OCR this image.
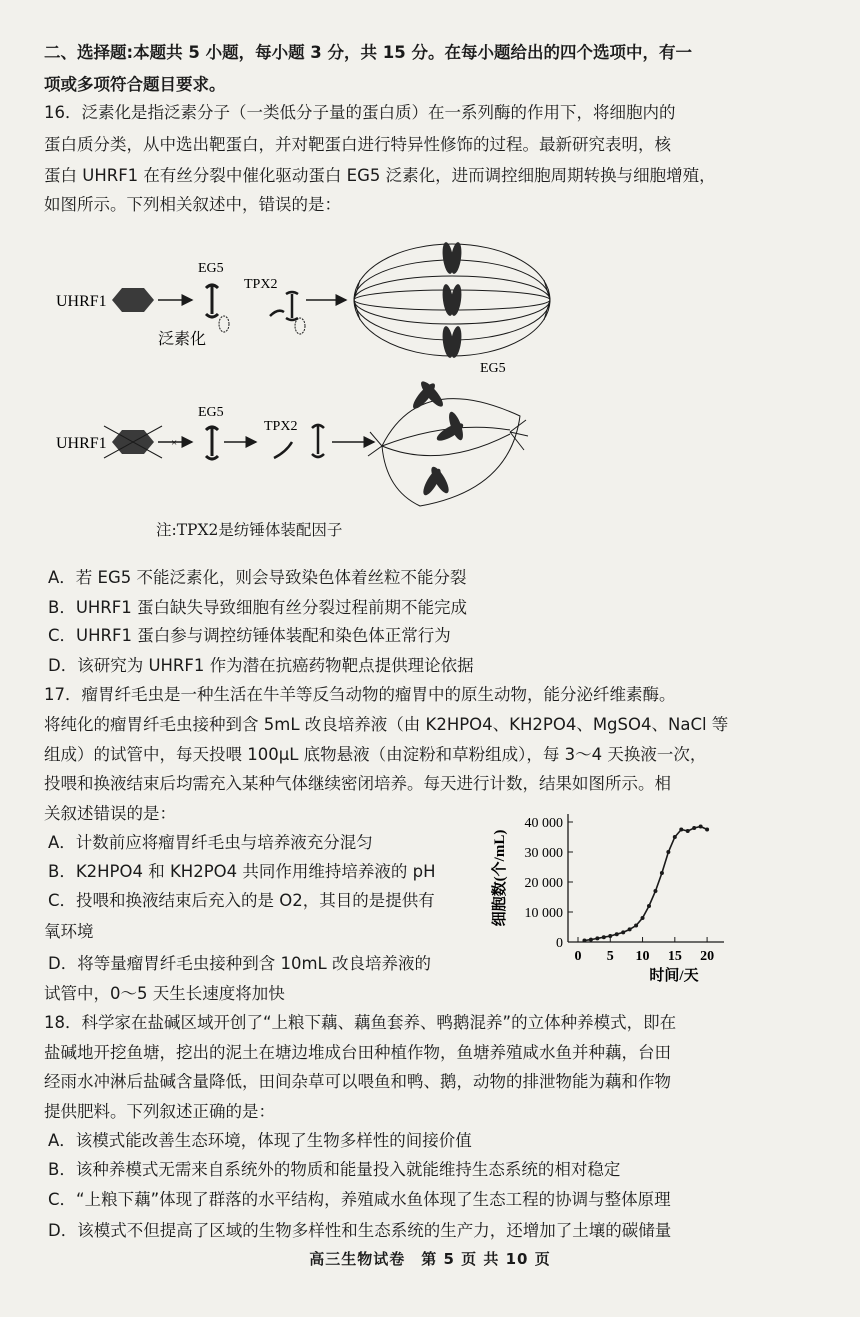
二、选择题:本题共 5 小题，每小题 3 分，共 15 分。在每小题给出的四个选项中，有一
项或多项符合题目要求。
16．泛素化是指泛素分子（一类低分子量的蛋白质）在一系列酶的作用下，将细胞内的
蛋白质分类，从中选出靶蛋白，并对靶蛋白进行特异性修饰的过程。最新研究表明，核
蛋白 UHRF1 在有丝分裂中催化驱动蛋白 EG5 泛素化，进而调控细胞周期转换与细胞增殖，
如图所示。下列相关叙述中，错误的是：
UHRF1
EG5
泛素化
TPX2
UHRF1	×
EG5
TPX2
EG5
注:TPX2是纺锤体装配因子
A．若 EG5 不能泛素化，则会导致染色体着丝粒不能分裂
B．UHRF1 蛋白缺失导致细胞有丝分裂过程前期不能完成
C．UHRF1 蛋白参与调控纺锤体装配和染色体正常行为
D．该研究为 UHRF1 作为潜在抗癌药物靶点提供理论依据
17．瘤胃纤毛虫是一种生活在牛羊等反刍动物的瘤胃中的原生动物，能分泌纤维素酶。
将纯化的瘤胃纤毛虫接种到含 5mL 改良培养液（由 K2HPO4、KH2PO4、MgSO4、NaCl 等
组成）的试管中，每天投喂 100μL 底物悬液（由淀粉和草粉组成），每 3～4 天换液一次，
投喂和换液结束后均需充入某种气体继续密闭培养。每天进行计数，结果如图所示。相
关叙述错误的是：
A．计数前应将瘤胃纤毛虫与培养液充分混匀
B．K2HPO4 和 KH2PO4 共同作用维持培养液的 pH
C．投喂和换液结束后充入的是 O2，其目的是提供有
氧环境
D．将等量瘤胃纤毛虫接种到含 10mL 改良培养液的
试管中，0～5 天生长速度将加快
0
10 000
20 000
30 000
40 000
0 5 10 15 20
时间/天
细胞数(个/mL)
18．科学家在盐碱区域开创了“上粮下藕、藕鱼套养、鸭鹅混养”的立体种养模式，即在
盐碱地开挖鱼塘，挖出的泥土在塘边堆成台田种植作物，鱼塘养殖咸水鱼并种藕，台田
经雨水冲淋后盐碱含量降低，田间杂草可以喂鱼和鸭、鹅，动物的排泄物能为藕和作物
提供肥料。下列叙述正确的是：
A．该模式能改善生态环境，体现了生物多样性的间接价值
B．该种养模式无需来自系统外的物质和能量投入就能维持生态系统的相对稳定
C．“上粮下藕”体现了群落的水平结构，养殖咸水鱼体现了生态工程的协调与整体原理
D．该模式不但提高了区域的生物多样性和生态系统的生产力，还增加了土壤的碳储量
高三生物试卷　第 5 页 共 10 页
